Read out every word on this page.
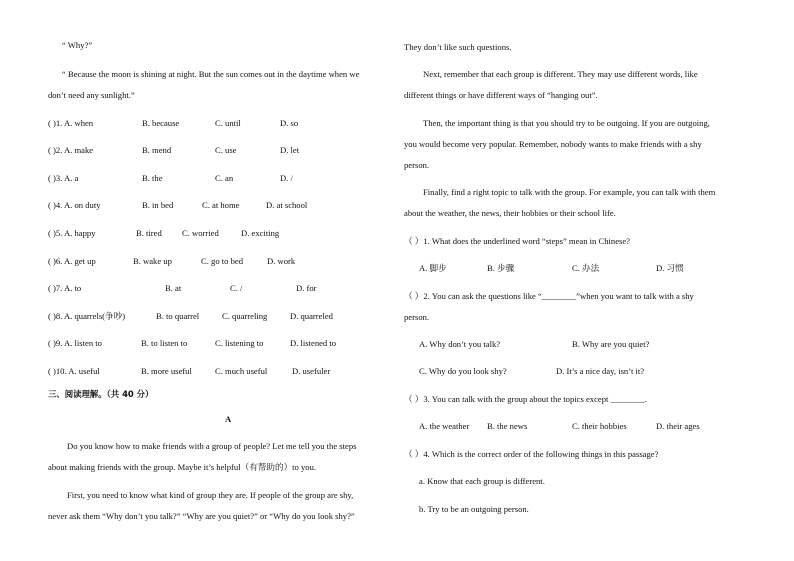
“ Why?”
“ Because the moon is shining at night. But the sun comes out in the daytime when we
don’t need any sunlight.”
( )1. A. when	B. because	C. until	D. so
( )2. A. make	B. mend	C. use	D. let
( )3. A. a	B. the	C. an	D. /
( )4. A. on duty	B. in bed	C. at home	D. at school
( )5. A. happy	B. tired C. worried	D. exciting
( )6. A. get up	B. wake up	C. go to bed	D. work
( )7. A. to	B. at	C. /	D. for
( )8. A. quarrels(争吵)	B. to quarrel	C. quarreling	D. quarreled
( )9. A. listen to	B. to listen to	C. listening to	D. listened to
( )10. A. useful	B. more useful	C. much useful	D. usefuler
三、阅读理解。（共 40 分）
A
Do you know how to make friends with a group of people? Let me tell you the steps
about making friends with the group. Maybe it’s helpful（有帮助的）to you.
First, you need to know what kind of group they are. If people of the group are shy,
never ask them “Why don’t you talk?” “Why are you quiet?” or “Why do you look shy?”
They don’t like such questions.
Next, remember that each group is different. They may use different words, like
different things or have different ways of “hanging out”.
Then, the important thing is that you should try to be outgoing. If you are outgoing,
you would become very popular. Remember, nobody wants to make friends with a shy
person.
Finally, find a right topic to talk with the group. For example, you can talk with them
about the weather, the news, their hobbies or their school life.
（ ）1. What does the underlined word “steps” mean in Chinese?
A. 脚步	B. 步骤	C. 办法	D. 习惯
（ ）2. You can ask the questions like “________”when you want to talk with a shy
person.
A. Why don’t you talk?	B. Why are you quiet?
C. Why do you look shy?	D. It’s a nice day, isn’t it?
（ ）3. You can talk with the group about the topics except ________.
A. the weather B. the news	C. their hobbies	D. their ages
（ ）4. Which is the correct order of the following things in this passage?
a. Know that each group is different.
b. Try to be an outgoing person.
